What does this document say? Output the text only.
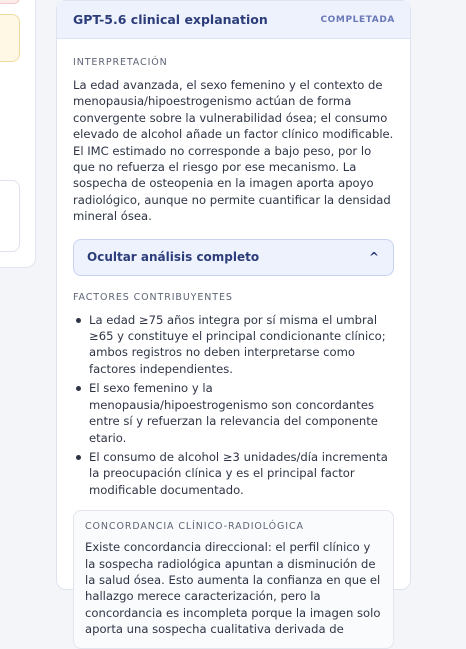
GPT-5.6 clinical explanation	COMPLETADA
INTERPRETACIÓN

La edad avanzada, el sexo femenino y el contexto de menopausia/hipoestrogenismo actúan de forma convergente sobre la vulnerabilidad ósea; el consumo elevado de alcohol añade un factor clínico modificable. El IMC estimado no corresponde a bajo peso, por lo que no refuerza el riesgo por ese mecanismo. La sospecha de osteopenia en la imagen aporta apoyo radiológico, aunque no permite cuantificar la densidad mineral ósea.

Ocultar análisis completo	^
FACTORES CONTRIBUYENTES
La edad ≥75 años integra por sí misma el umbral ≥65 y constituye el principal condicionante clínico; ambos registros no deben interpretarse como factores independientes.
El sexo femenino y la menopausia/hipoestrogenismo son concordantes entre sí y refuerzan la relevancia del componente etario.
El consumo de alcohol ≥3 unidades/día incrementa la preocupación clínica y es el principal factor modificable documentado.
CONCORDANCIA CLÍNICO-RADIOLÓGICA

Existe concordancia direccional: el perfil clínico y la sospecha radiológica apuntan a disminución de la salud ósea. Esto aumenta la confianza en que el hallazgo merece caracterización, pero la concordancia es incompleta porque la imagen solo aporta una sospecha cualitativa derivada de
